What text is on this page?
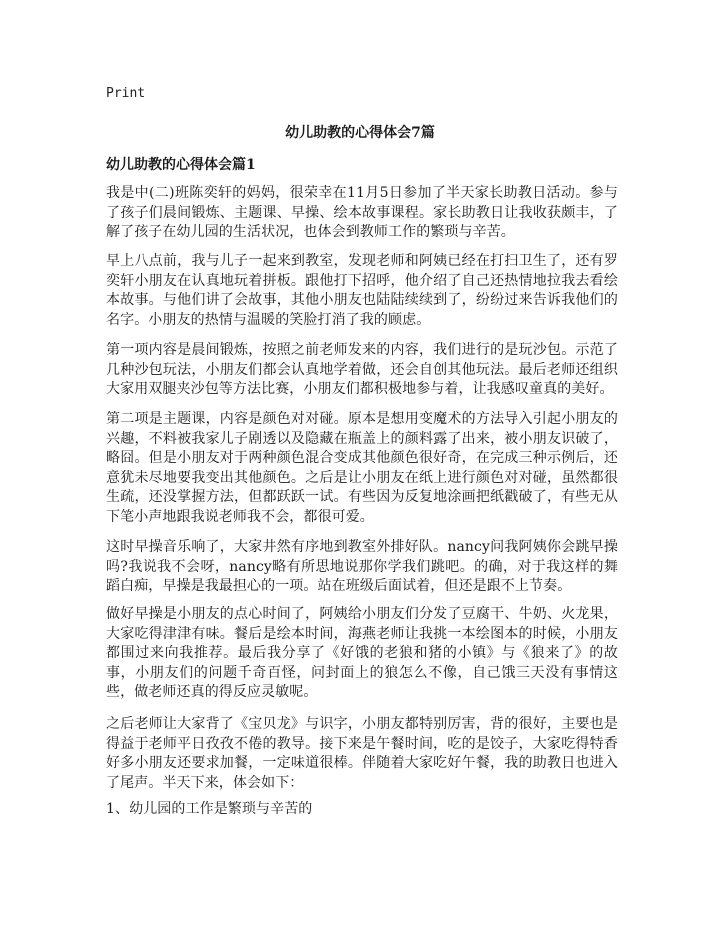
Print
幼儿助教的心得体会7篇
幼儿助教的心得体会篇1

我是中(二)班陈奕轩的妈妈，很荣幸在11月5日参加了半天家长助教日活动。参与了孩子们晨间锻炼、主题课、早操、绘本故事课程。家长助教日让我收获颇丰，了解了孩子在幼儿园的生活状况，也体会到教师工作的繁琐与辛苦。

早上八点前，我与儿子一起来到教室，发现老师和阿姨已经在打扫卫生了，还有罗奕轩小朋友在认真地玩着拼板。跟他打下招呼，他介绍了自己还热情地拉我去看绘本故事。与他们讲了会故事，其他小朋友也陆陆续续到了，纷纷过来告诉我他们的名字。小朋友的热情与温暖的笑脸打消了我的顾虑。

第一项内容是晨间锻炼，按照之前老师发来的内容，我们进行的是玩沙包。示范了几种沙包玩法，小朋友们都会认真地学着做，还会自创其他玩法。最后老师还组织大家用双腿夹沙包等方法比赛，小朋友们都积极地参与着，让我感叹童真的美好。

第二项是主题课，内容是颜色对对碰。原本是想用变魔术的方法导入引起小朋友的兴趣，不料被我家儿子剧透以及隐藏在瓶盖上的颜料露了出来，被小朋友识破了，略囧。但是小朋友对于两种颜色混合变成其他颜色很好奇，在完成三种示例后，还意犹未尽地要我变出其他颜色。之后是让小朋友在纸上进行颜色对对碰，虽然都很生疏，还没掌握方法，但都跃跃一试。有些因为反复地涂画把纸戳破了，有些无从下笔小声地跟我说老师我不会，都很可爱。

这时早操音乐响了，大家井然有序地到教室外排好队。nancy问我阿姨你会跳早操吗?我说我不会呀，nancy略有所思地说那你学我们跳吧。的确，对于我这样的舞蹈白痴，早操是我最担心的一项。站在班级后面试着，但还是跟不上节奏。

做好早操是小朋友的点心时间了，阿姨给小朋友们分发了豆腐干、牛奶、火龙果，大家吃得津津有味。餐后是绘本时间，海燕老师让我挑一本绘图本的时候，小朋友都围过来向我推荐。最后我分享了《好饿的老狼和猪的小镇》与《狼来了》的故事，小朋友们的问题千奇百怪，问封面上的狼怎么不像，自己饿三天没有事情这些，做老师还真的得反应灵敏呢。

之后老师让大家背了《宝贝龙》与识字，小朋友都特别厉害，背的很好，主要也是得益于老师平日孜孜不倦的教导。接下来是午餐时间，吃的是饺子，大家吃得特香好多小朋友还要求加餐，一定味道很棒。伴随着大家吃好午餐，我的助教日也进入了尾声。半天下来，体会如下：

1、幼儿园的工作是繁琐与辛苦的
